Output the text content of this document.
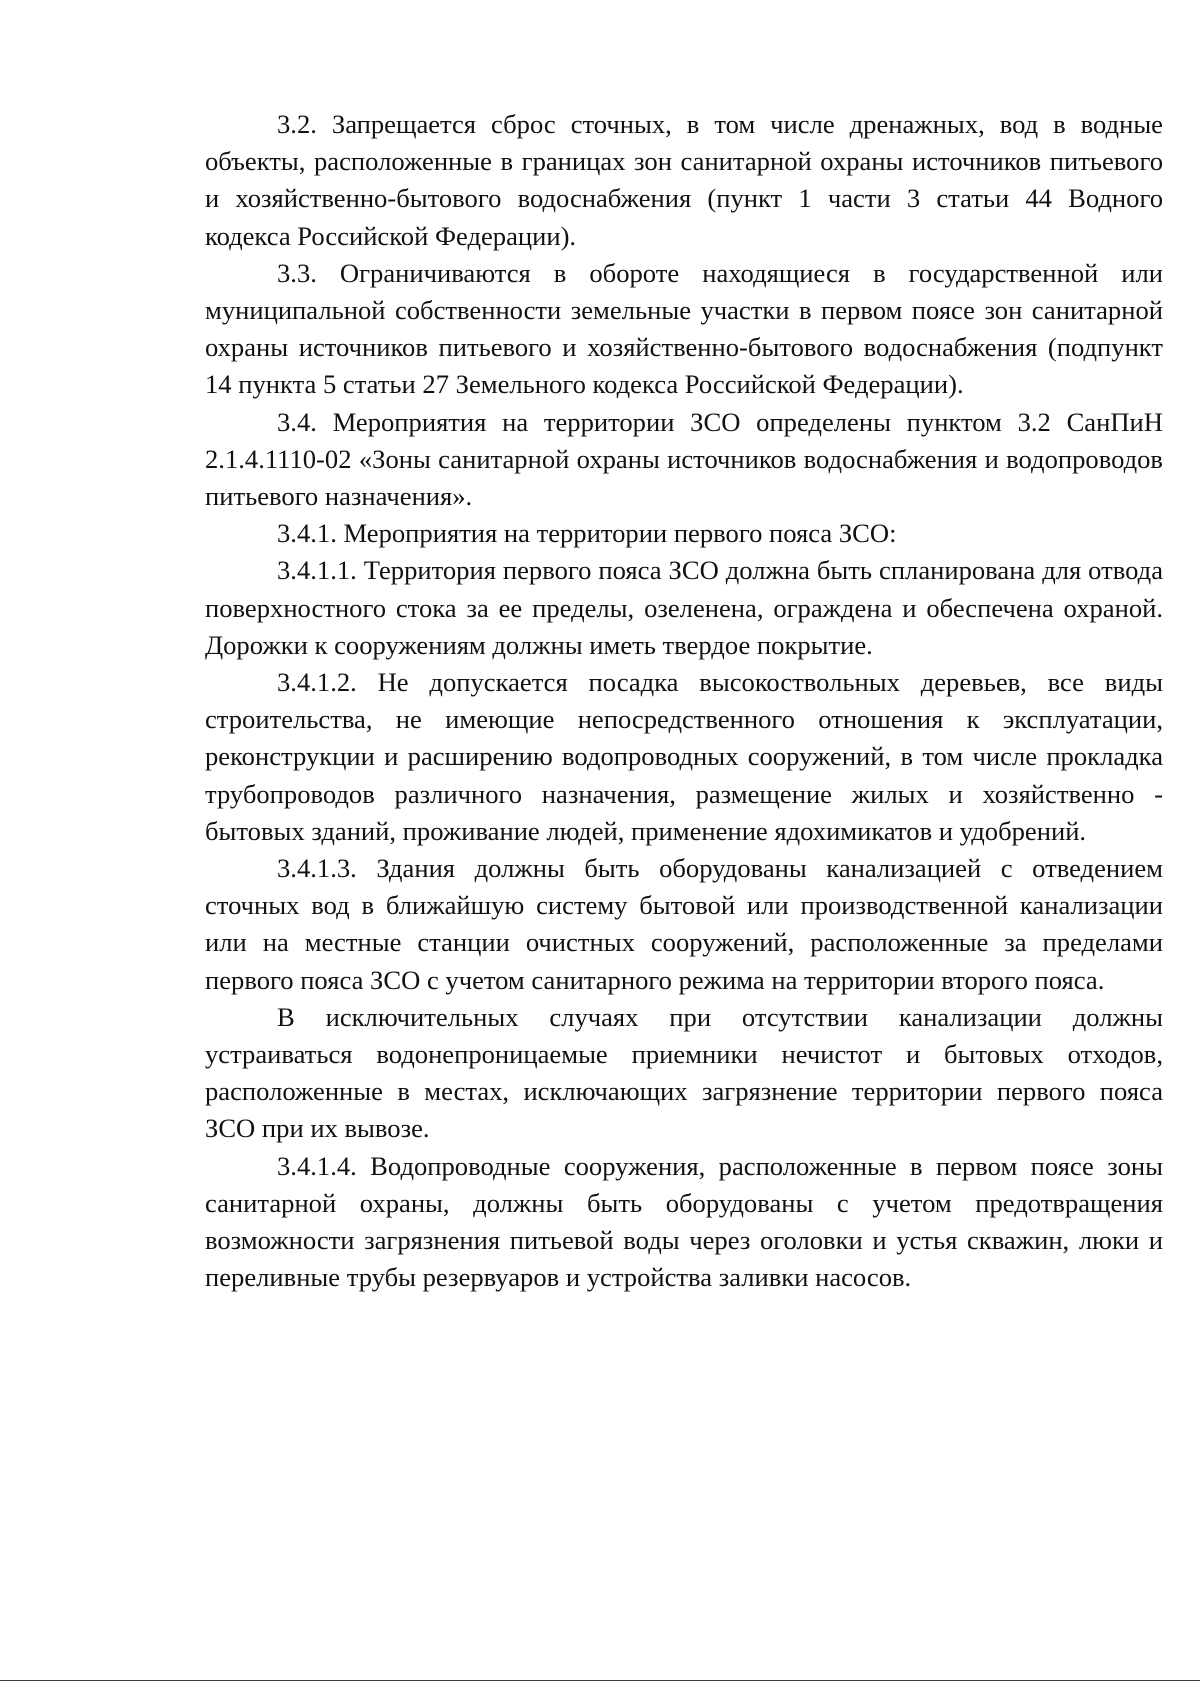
3.2. Запрещается сброс сточных, в том числе дренажных, вод в водные объекты, расположенные в границах зон санитарной охраны источников питьевого и хозяйственно-бытового водоснабжения (пункт 1 части 3 статьи 44 Водного кодекса Российской Федерации).

3.3. Ограничиваются в обороте находящиеся в государственной или муниципальной собственности земельные участки в первом поясе зон санитарной охраны источников питьевого и хозяйственно-бытового водоснабжения (подпункт 14 пункта 5 статьи 27 Земельного кодекса Российской Федерации).

3.4. Мероприятия на территории ЗСО определены пунктом 3.2 СанПиН 2.1.4.1110-02 «Зоны санитарной охраны источников водоснабжения и водопроводов питьевого назначения».

3.4.1. Мероприятия на территории первого пояса ЗСО:

3.4.1.1. Территория первого пояса ЗСО должна быть спланирована для отвода поверхностного стока за ее пределы, озеленена, ограждена и обеспечена охраной. Дорожки к сооружениям должны иметь твердое покрытие.

3.4.1.2. Не допускается посадка высокоствольных деревьев, все виды строительства, не имеющие непосредственного отношения к эксплуатации, реконструкции и расширению водопроводных сооружений, в том числе прокладка трубопроводов различного назначения, размещение жилых и хозяйственно - бытовых зданий, проживание людей, применение ядохимикатов и удобрений.

3.4.1.3. Здания должны быть оборудованы канализацией с отведением сточных вод в ближайшую систему бытовой или производственной канализации или на местные станции очистных сооружений, расположенные за пределами первого пояса ЗСО с учетом санитарного режима на территории второго пояса.

В исключительных случаях при отсутствии канализации должны устраиваться водонепроницаемые приемники нечистот и бытовых отходов, расположенные в местах, исключающих загрязнение территории первого пояса ЗСО при их вывозе.

3.4.1.4. Водопроводные сооружения, расположенные в первом поясе зоны санитарной охраны, должны быть оборудованы с учетом предотвращения возможности загрязнения питьевой воды через оголовки и устья скважин, люки и переливные трубы резервуаров и устройства заливки насосов.
